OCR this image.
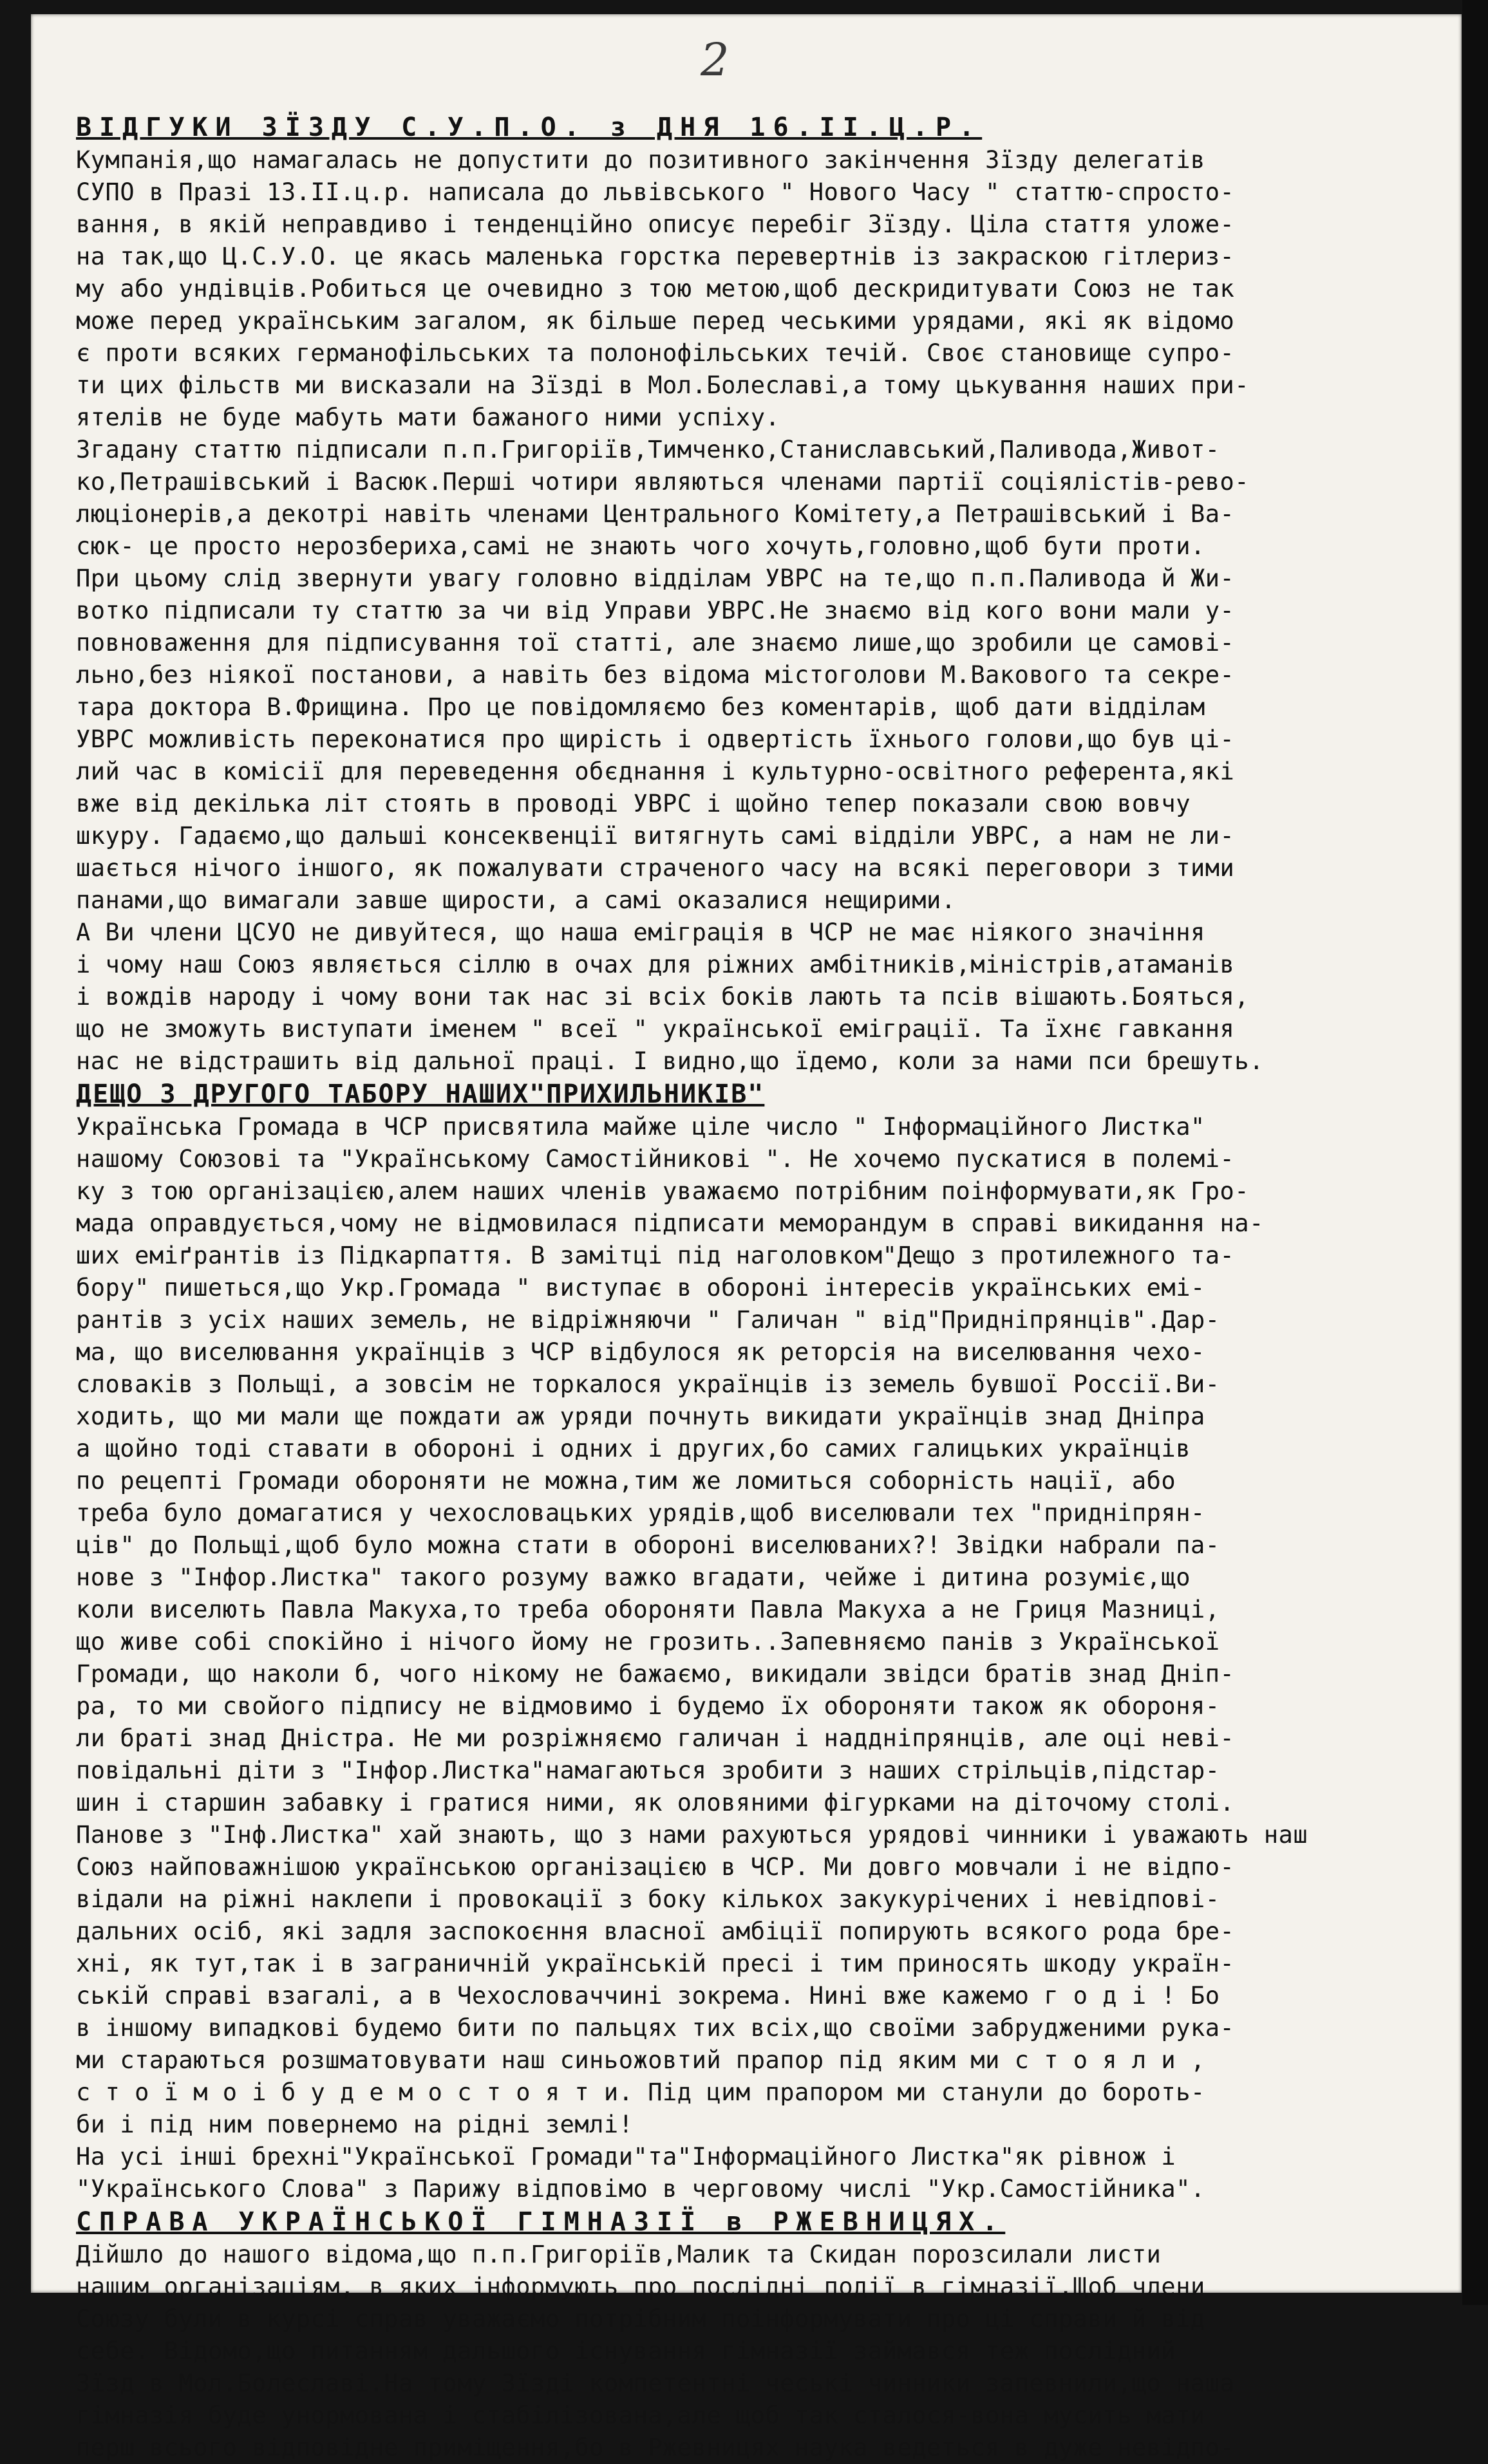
2
ВІДГУКИ ЗЇЗДУ С.У.П.О. з ДНЯ 16.ІІ.Ц.Р.
Кумпанія,що намагалась не допустити до позитивного закінчення Зїзду делегатів
СУПО в Празі 13.ІІ.ц.р. написала до львівського " Нового Часу " статтю-спросто-
вання, в якій неправдиво і тенденційно описує перебіг Зїзду. Ціла стаття уложе-
на так,що Ц.С.У.О. це якась маленька горстка перевертнів із закраскою гітлериз-
му або ундівців.Робиться це очевидно з тою метою,щоб дескридитувати Союз не так
може перед українським загалом, як більше перед чеськими урядами, які як відомо
є проти всяких германофільських та полонофільських течій. Своє становище супро-
ти цих фільств ми висказали на Зїзді в Мол.Болеславі,а тому цькування наших при-
ятелів не буде мабуть мати бажаного ними успіху.
Згадану статтю підписали п.п.Григоріїв,Тимченко,Станиславський,Паливода,Живот-
ко,Петрашівський і Васюк.Перші чотири являються членами партії соціялістів-рево-
люціонерів,а декотрі навіть членами Центрального Комітету,а Петрашівський і Ва-
сюк- це просто нерозбериха,самі не знають чого хочуть,головно,щоб бути проти.
При цьому слід звернути увагу головно відділам УВРС на те,що п.п.Паливода й Жи-
вотко підписали ту статтю за чи від Управи УВРС.Не знаємо від кого вони мали у-
повноваження для підписування тої статті, але знаємо лише,що зробили це самові-
льно,без ніякої постанови, а навіть без відома містоголови М.Вакового та секре-
тара доктора В.Фрищина. Про це повідомляємо без коментарів, щоб дати відділам
УВРС можливість переконатися про щирість і одвертість їхнього голови,що був ці-
лий час в комісії для переведення обєднання і культурно-освітного референта,які
вже від декілька літ стоять в проводі УВРС і щойно тепер показали свою вовчу
шкуру. Гадаємо,що дальші консеквенції витягнуть самі відділи УВРС, а нам не ли-
шається нічого іншого, як пожалувати страченого часу на всякі переговори з тими
панами,що вимагали завше щирости, а самі оказалися нещирими.
А Ви члени ЦСУО не дивуйтеся, що наша еміграція в ЧСР не має ніякого значіння
і чому наш Союз являється сіллю в очах для ріжних амбітників,міністрів,атаманів
і вождів народу і чому вони так нас зі всіх боків лають та псів вішають.Бояться,
що не зможуть виступати іменем " всеї " української еміграції. Та їхнє гавкання
нас не відстрашить від дальної праці. І видно,що їдемо, коли за нами пси брешуть.
ДЕЩО З ДРУГОГО ТАБОРУ НАШИХ"ПРИХИЛЬНИКІВ"
Українська Громада в ЧСР присвятила майже ціле число " Інформаційного Листка"
нашому Союзові та "Українському Самостійникові ". Не хочемо пускатися в полемі-
ку з тою організацією,алем наших членів уважаємо потрібним поінформувати,як Гро-
мада оправдується,чому не відмовилася підписати меморандум в справі викидання на-
ших еміґрантів із Підкарпаття. В замітці під наголовком"Дещо з протилежного та-
бору" пишеться,що Укр.Громада " виступає в обороні інтересів українських емі-
рантів з усіх наших земель, не відріжняючи " Галичан " від"Придніпрянців".Дар-
ма, що виселювання українців з ЧСР відбулося як реторсія на виселювання чехо-
словаків з Польщі, а зовсім не торкалося українців із земель бувшої Россії.Ви-
ходить, що ми мали ще пождати аж уряди почнуть викидати українців знад Дніпра
а щойно тоді ставати в обороні і одних і других,бо самих галицьких українців
по рецепті Громади обороняти не можна,тим же ломиться соборність нації, або
треба було домагатися у чехословацьких урядів,щоб виселювали тех "придніпрян-
ців" до Польщі,щоб було можна стати в обороні виселюваних?! Звідки набрали па-
нове з "Інфор.Листка" такого розуму важко вгадати, чейже і дитина розуміє,що
коли виселють Павла Макуха,то треба обороняти Павла Макуха а не Гриця Мазниці,
що живе собі спокійно і нічого йому не грозить..Запевняємо панів з Української
Громади, що наколи б, чого нікому не бажаємо, викидали звідси братів знад Дніп-
ра, то ми свойого підпису не відмовимо і будемо їх обороняти також як обороня-
ли браті знад Дністра. Не ми розріжняємо галичан і наддніпрянців, але оці неві-
повідальні діти з "Інфор.Листка"намагаються зробити з наших стрільців,підстар-
шин і старшин забавку і гратися ними, як оловяними фігурками на діточому столі.
Панове з "Інф.Листка" хай знають, що з нами рахуються урядові чинники і уважають наш
Союз найповажнішою українською організацією в ЧСР. Ми довго мовчали і не відпо-
відали на ріжні наклепи і провокації з боку кількох закукурічених і невідпові-
дальних осіб, які задля заспокоєння власної амбіції попирують всякого рода бре-
хні, як тут,так і в заграничній українській пресі і тим приносять шкоду україн-
ській справі взагалі, а в Чехословаччині зокрема. Нині вже кажемо г о д і ! Бо
в іншому випадкові будемо бити по пальцях тих всіх,що своїми забрудженими рука-
ми стараються розшматовувати наш синьожовтий прапор під яким ми с т о я л и ,
с т о ї м о і б у д е м о с т о я т и. Під цим прапором ми станули до бороть-
би і під ним повернемо на рідні землі!
На усі інші брехні"Української Громади"та"Інформаційного Листка"як рівнож і
"Українського Слова" з Парижу відповімо в черговому числі "Укр.Самостійника".
СПРАВА УКРАЇНСЬКОЇ ГІМНАЗІЇ в РЖЕВНИЦЯХ.
Дійшло до нашого відома,що п.п.Григоріїв,Малик та Скидан порозсилали листи
нашим організаціям, в яких інформують про послідні події в гімназії.Щоб члени
Союзу були в курсі справ уважаємо потрібним поінформувати про ці справи й від
себе. Відомо,що питанням дальшого існування гімназії займався теж послідний
Зїзд в Мол.Болеславі.На тому Зїзді компетентні чеські чинники запевнили,що наша
гімназія буде унормована і стабілізована,але щоб так сталося-вона мусить мати
перш всього відповідне приміщення,бо в Ржевницях наука ведеться в дуже невідпо-
